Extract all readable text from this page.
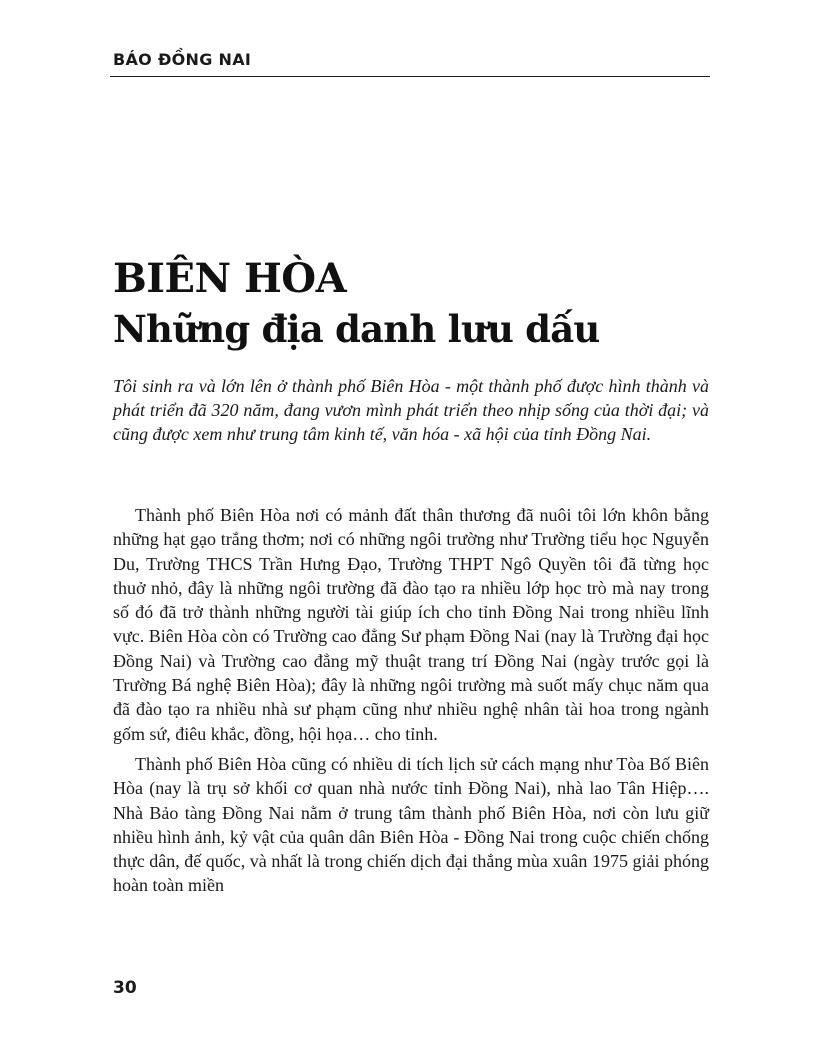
BÁO ĐỒNG NAI
BIÊN HÒA
Những địa danh lưu dấu

Tôi sinh ra và lớn lên ở thành phố Biên Hòa - một thành phố được hình thành và phát triển đã 320 năm, đang vươn mình phát triển theo nhịp sống của thời đại; và cũng được xem như trung tâm kinh tế, văn hóa - xã hội của tỉnh Đồng Nai.

Thành phố Biên Hòa nơi có mảnh đất thân thương đã nuôi tôi lớn khôn bằng những hạt gạo trắng thơm; nơi có những ngôi trường như Trường tiểu học Nguyễn Du, Trường THCS Trần Hưng Đạo, Trường THPT Ngô Quyền tôi đã từng học thuở nhỏ, đây là những ngôi trường đã đào tạo ra nhiều lớp học trò mà nay trong số đó đã trở thành những người tài giúp ích cho tỉnh Đồng Nai trong nhiều lĩnh vực. Biên Hòa còn có Trường cao đẳng Sư phạm Đồng Nai (nay là Trường đại học Đồng Nai) và Trường cao đẳng mỹ thuật trang trí Đồng Nai (ngày trước gọi là Trường Bá nghệ Biên Hòa); đây là những ngôi trường mà suốt mấy chục năm qua đã đào tạo ra nhiều nhà sư phạm cũng như nhiều nghệ nhân tài hoa trong ngành gốm sứ, điêu khắc, đồng, hội họa… cho tỉnh.

Thành phố Biên Hòa cũng có nhiều di tích lịch sử cách mạng như Tòa Bố Biên Hòa (nay là trụ sở khối cơ quan nhà nước tỉnh Đồng Nai), nhà lao Tân Hiệp…. Nhà Bảo tàng Đồng Nai nằm ở trung tâm thành phố Biên Hòa, nơi còn lưu giữ nhiều hình ảnh, kỷ vật của quân dân Biên Hòa - Đồng Nai trong cuộc chiến chống thực dân, đế quốc, và nhất là trong chiến dịch đại thắng mùa xuân 1975 giải phóng hoàn toàn miền

30
